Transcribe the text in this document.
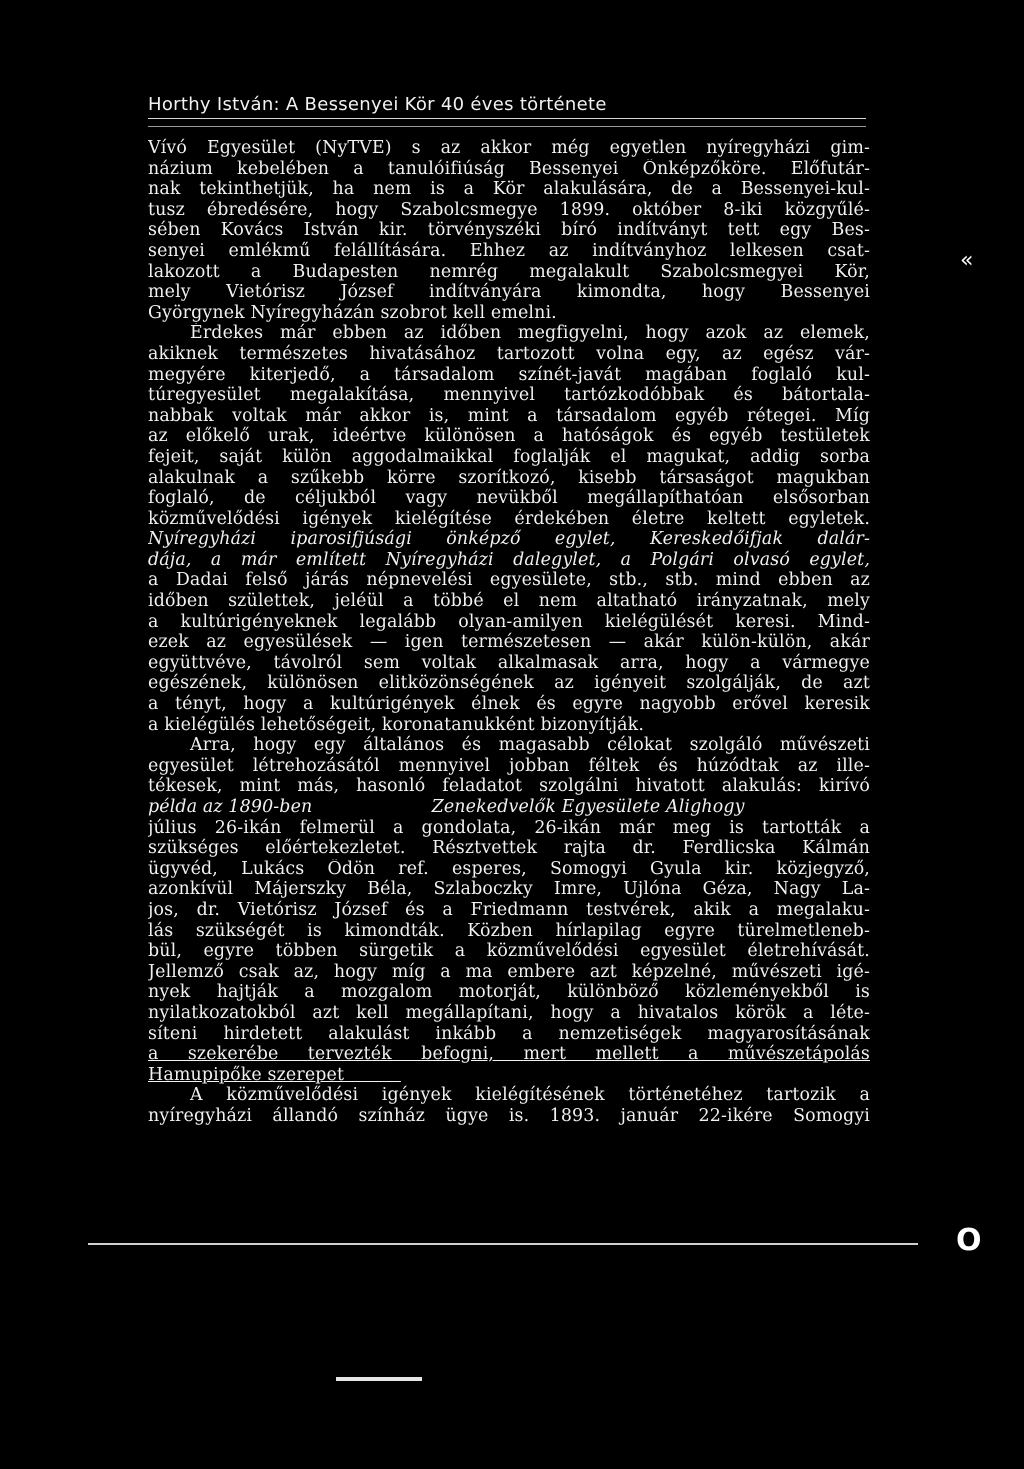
Horthy István: A Bessenyei Kör 40 éves története
Vívó Egyesület (NyTVE) s az akkor még egyetlen nyíregyházi gim-
názium kebelében a tanulóifiúság Bessenyei Önképzőköre. Előfutár-
nak tekinthetjük, ha nem is a Kör alakulására, de a Bessenyei-kul-
tusz ébredésére, hogy Szabolcsmegye 1899. október 8-iki közgyűlé-
sében Kovács István kir. törvényszéki bíró indítványt tett egy Bes-
senyei emlékmű felállítására. Ehhez az indítványhoz lelkesen csat-
lakozott a Budapesten nemrég megalakult Szabolcsmegyei Kör,
mely Vietórisz József indítványára kimondta, hogy Bessenyei
Györgynek Nyíregyházán szobrot kell emelni.
Érdekes már ebben az időben megfigyelni, hogy azok az elemek,
akiknek természetes hivatásához tartozott volna egy, az egész vár-
megyére kiterjedő, a társadalom színét-javát magában foglaló kul-
túregyesület megalakítása, mennyivel tartózkodóbbak és bátortala-
nabbak voltak már akkor is, mint a társadalom egyéb rétegei. Míg
az előkelő urak, ideértve különösen a hatóságok és egyéb testületek
fejeit, saját külön aggodalmaikkal foglalják el magukat, addig sorba
alakulnak a szűkebb körre szorítkozó, kisebb társaságot magukban
foglaló, de céljukból vagy nevükből megállapíthatóan elsősorban
közművelődési igények kielégítése érdekében életre keltett egyletek.
Nyíregyházi iparosifjúsági önképző egylet, Kereskedőifjak dalár-
dája, a már említett Nyíregyházi dalegylet, a Polgári olvasó egylet,
a Dadai felső járás népnevelési egyesülete, stb., stb. mind ebben az
időben születtek, jeléül a többé el nem altatható irányzatnak, mely
a kultúrigényeknek legalább olyan-amilyen kielégülését keresi. Mind-
ezek az egyesülések — igen természetesen — akár külön-külön, akár
együttvéve, távolról sem voltak alkalmasak arra, hogy a vármegye
egészének, különösen elitközönségének az igényeit szolgálják, de azt
a tényt, hogy a kultúrigények élnek és egyre nagyobb erővel keresik
a kielégülés lehetőségeit, koronatanukként bizonyítják.
Arra, hogy egy általános és magasabb célokat szolgáló művészeti
egyesület létrehozásától mennyivel jobban féltek és húzódtak az ille-
tékesek, mint más, hasonló feladatot szolgálni hivatott alakulás: kirívó
példa az 1890-ben                     Zenekedvelők Egyesülete Alighogy
július 26-ikán felmerül a gondolata, 26-ikán már meg is tartották a
szükséges előértekezletet. Résztvettek rajta dr. Ferdlicska Kálmán
ügyvéd, Lukács Ödön ref. esperes, Somogyi Gyula kir. közjegyző,
azonkívül Májerszky Béla, Szlaboczky Imre, Ujlóna Géza, Nagy La-
jos, dr. Vietórisz József és a Friedmann testvérek, akik a megalaku-
lás szükségét is kimondták. Közben hírlapilag egyre türelmetleneb-
bül, egyre többen sürgetik a közművelődési egyesület életrehívását.
Jellemző csak az, hogy míg a ma embere azt képzelné, művészeti igé-
nyek hajtják a mozgalom motorját, különböző közleményekből is
nyilatkozatokból azt kell megállapítani, hogy a hivatalos körök a léte-
síteni hirdetett alakulást inkább a nemzetiségek magyarosításának
a szekerébe tervezték befogni, mert mellett a művészetápolás
Hamupipőke szerepet
A közművelődési igények kielégítésének történetéhez tartozik a
nyíregyházi állandó színház ügye is. 1893. január 22-ikére Somogyi
«
O
